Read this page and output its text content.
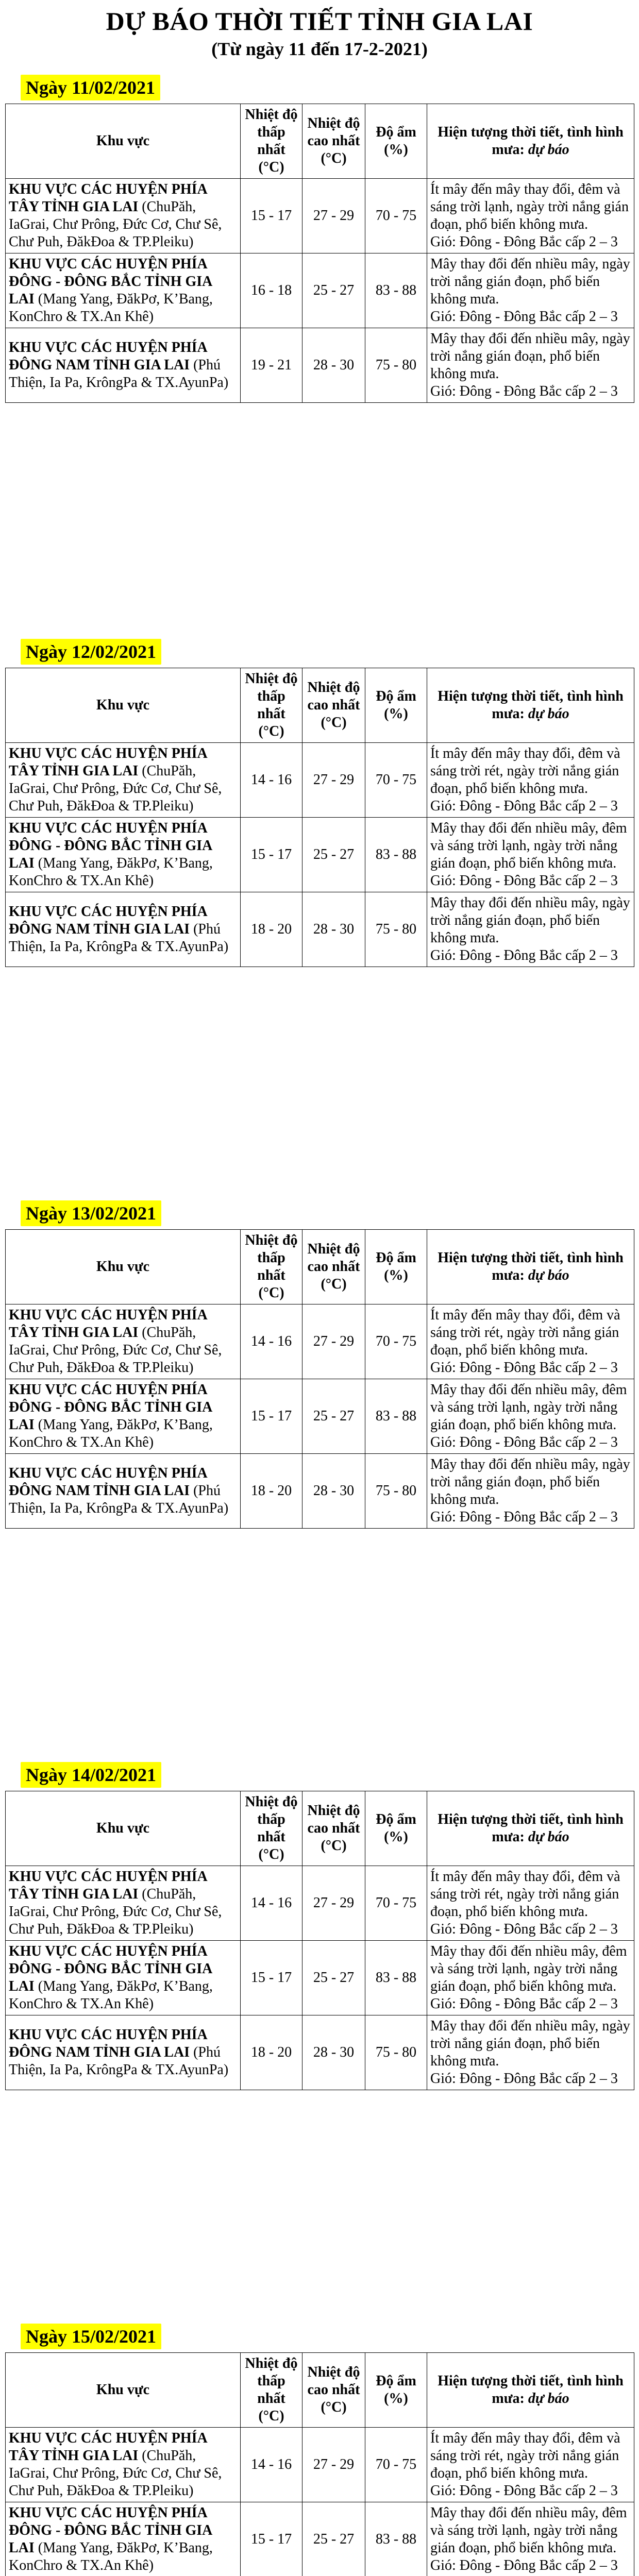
DỰ BÁO THỜI TIẾT TỈNH GIA LAI
(Từ ngày 11 đến 17-2-2021)
Ngày 11/02/2021
Khu vực	Nhiệt độ thấp nhất (°C)	Nhiệt độ cao nhất (°C)	Độ ẩm (%)	Hiện tượng thời tiết, tình hình mưa: dự báo
KHU VỰC CÁC HUYỆN PHÍA TÂY TỈNH GIA LAI (ChuPăh, IaGrai, Chư Prông, Đức Cơ, Chư Sê, Chư Puh, ĐăkĐoa & TP.Pleiku)	15 - 17	27 - 29	70 - 75	Ít mây đến mây thay đổi, đêm và sáng trời lạnh, ngày trời nắng gián đoạn, phổ biến không mưa.
Gió: Đông - Đông Bắc cấp 2 – 3

KHU VỰC CÁC HUYỆN PHÍA ĐÔNG - ĐÔNG BẮC TỈNH GIA LAI (Mang Yang, ĐăkPơ, K’Bang, KonChro & TX.An Khê)	16 - 18	25 - 27	83 - 88	Mây thay đổi đến nhiều mây, ngày trời nắng gián đoạn, phổ biến không mưa.
Gió: Đông - Đông Bắc cấp 2 – 3

KHU VỰC CÁC HUYỆN PHÍA ĐÔNG NAM TỈNH GIA LAI (Phú Thiện, Ia Pa, KrôngPa & TX.AyunPa)	19 - 21	28 - 30	75 - 80	Mây thay đổi đến nhiều mây, ngày trời nắng gián đoạn, phổ biến không mưa.
Gió: Đông - Đông Bắc cấp 2 – 3
Ngày 12/02/2021
Khu vực	Nhiệt độ thấp nhất (°C)	Nhiệt độ cao nhất (°C)	Độ ẩm (%)	Hiện tượng thời tiết, tình hình mưa: dự báo
KHU VỰC CÁC HUYỆN PHÍA TÂY TỈNH GIA LAI (ChuPăh, IaGrai, Chư Prông, Đức Cơ, Chư Sê, Chư Puh, ĐăkĐoa & TP.Pleiku)	14 - 16	27 - 29	70 - 75	Ít mây đến mây thay đổi, đêm và sáng trời rét, ngày trời nắng gián đoạn, phổ biến không mưa.
Gió: Đông - Đông Bắc cấp 2 – 3

KHU VỰC CÁC HUYỆN PHÍA ĐÔNG - ĐÔNG BẮC TỈNH GIA LAI (Mang Yang, ĐăkPơ, K’Bang, KonChro & TX.An Khê)	15 - 17	25 - 27	83 - 88	Mây thay đổi đến nhiều mây, đêm và sáng trời lạnh, ngày trời nắng gián đoạn, phổ biến không mưa.
Gió: Đông - Đông Bắc cấp 2 – 3

KHU VỰC CÁC HUYỆN PHÍA ĐÔNG NAM TỈNH GIA LAI (Phú Thiện, Ia Pa, KrôngPa & TX.AyunPa)	18 - 20	28 - 30	75 - 80	Mây thay đổi đến nhiều mây, ngày trời nắng gián đoạn, phổ biến không mưa.
Gió: Đông - Đông Bắc cấp 2 – 3
Ngày 13/02/2021
Khu vực	Nhiệt độ thấp nhất (°C)	Nhiệt độ cao nhất (°C)	Độ ẩm (%)	Hiện tượng thời tiết, tình hình mưa: dự báo
KHU VỰC CÁC HUYỆN PHÍA TÂY TỈNH GIA LAI (ChuPăh, IaGrai, Chư Prông, Đức Cơ, Chư Sê, Chư Puh, ĐăkĐoa & TP.Pleiku)	14 - 16	27 - 29	70 - 75	Ít mây đến mây thay đổi, đêm và sáng trời rét, ngày trời nắng gián đoạn, phổ biến không mưa.
Gió: Đông - Đông Bắc cấp 2 – 3

KHU VỰC CÁC HUYỆN PHÍA ĐÔNG - ĐÔNG BẮC TỈNH GIA LAI (Mang Yang, ĐăkPơ, K’Bang, KonChro & TX.An Khê)	15 - 17	25 - 27	83 - 88	Mây thay đổi đến nhiều mây, đêm và sáng trời lạnh, ngày trời nắng gián đoạn, phổ biến không mưa.
Gió: Đông - Đông Bắc cấp 2 – 3

KHU VỰC CÁC HUYỆN PHÍA ĐÔNG NAM TỈNH GIA LAI (Phú Thiện, Ia Pa, KrôngPa & TX.AyunPa)	18 - 20	28 - 30	75 - 80	Mây thay đổi đến nhiều mây, ngày trời nắng gián đoạn, phổ biến không mưa.
Gió: Đông - Đông Bắc cấp 2 – 3
Ngày 14/02/2021
Khu vực	Nhiệt độ thấp nhất (°C)	Nhiệt độ cao nhất (°C)	Độ ẩm (%)	Hiện tượng thời tiết, tình hình mưa: dự báo
KHU VỰC CÁC HUYỆN PHÍA TÂY TỈNH GIA LAI (ChuPăh, IaGrai, Chư Prông, Đức Cơ, Chư Sê, Chư Puh, ĐăkĐoa & TP.Pleiku)	14 - 16	27 - 29	70 - 75	Ít mây đến mây thay đổi, đêm và sáng trời rét, ngày trời nắng gián đoạn, phổ biến không mưa.
Gió: Đông - Đông Bắc cấp 2 – 3

KHU VỰC CÁC HUYỆN PHÍA ĐÔNG - ĐÔNG BẮC TỈNH GIA LAI (Mang Yang, ĐăkPơ, K’Bang, KonChro & TX.An Khê)	15 - 17	25 - 27	83 - 88	Mây thay đổi đến nhiều mây, đêm và sáng trời lạnh, ngày trời nắng gián đoạn, phổ biến không mưa.
Gió: Đông - Đông Bắc cấp 2 – 3

KHU VỰC CÁC HUYỆN PHÍA ĐÔNG NAM TỈNH GIA LAI (Phú Thiện, Ia Pa, KrôngPa & TX.AyunPa)	18 - 20	28 - 30	75 - 80	Mây thay đổi đến nhiều mây, ngày trời nắng gián đoạn, phổ biến không mưa.
Gió: Đông - Đông Bắc cấp 2 – 3
Ngày 15/02/2021
Khu vực	Nhiệt độ thấp nhất (°C)	Nhiệt độ cao nhất (°C)	Độ ẩm (%)	Hiện tượng thời tiết, tình hình mưa: dự báo
KHU VỰC CÁC HUYỆN PHÍA TÂY TỈNH GIA LAI (ChuPăh, IaGrai, Chư Prông, Đức Cơ, Chư Sê, Chư Puh, ĐăkĐoa & TP.Pleiku)	14 - 16	27 - 29	70 - 75	Ít mây đến mây thay đổi, đêm và sáng trời rét, ngày trời nắng gián đoạn, phổ biến không mưa.
Gió: Đông - Đông Bắc cấp 2 – 3

KHU VỰC CÁC HUYỆN PHÍA ĐÔNG - ĐÔNG BẮC TỈNH GIA LAI (Mang Yang, ĐăkPơ, K’Bang, KonChro & TX.An Khê)	15 - 17	25 - 27	83 - 88	Mây thay đổi đến nhiều mây, đêm và sáng trời lạnh, ngày trời nắng gián đoạn, phổ biến không mưa.
Gió: Đông - Đông Bắc cấp 2 – 3
